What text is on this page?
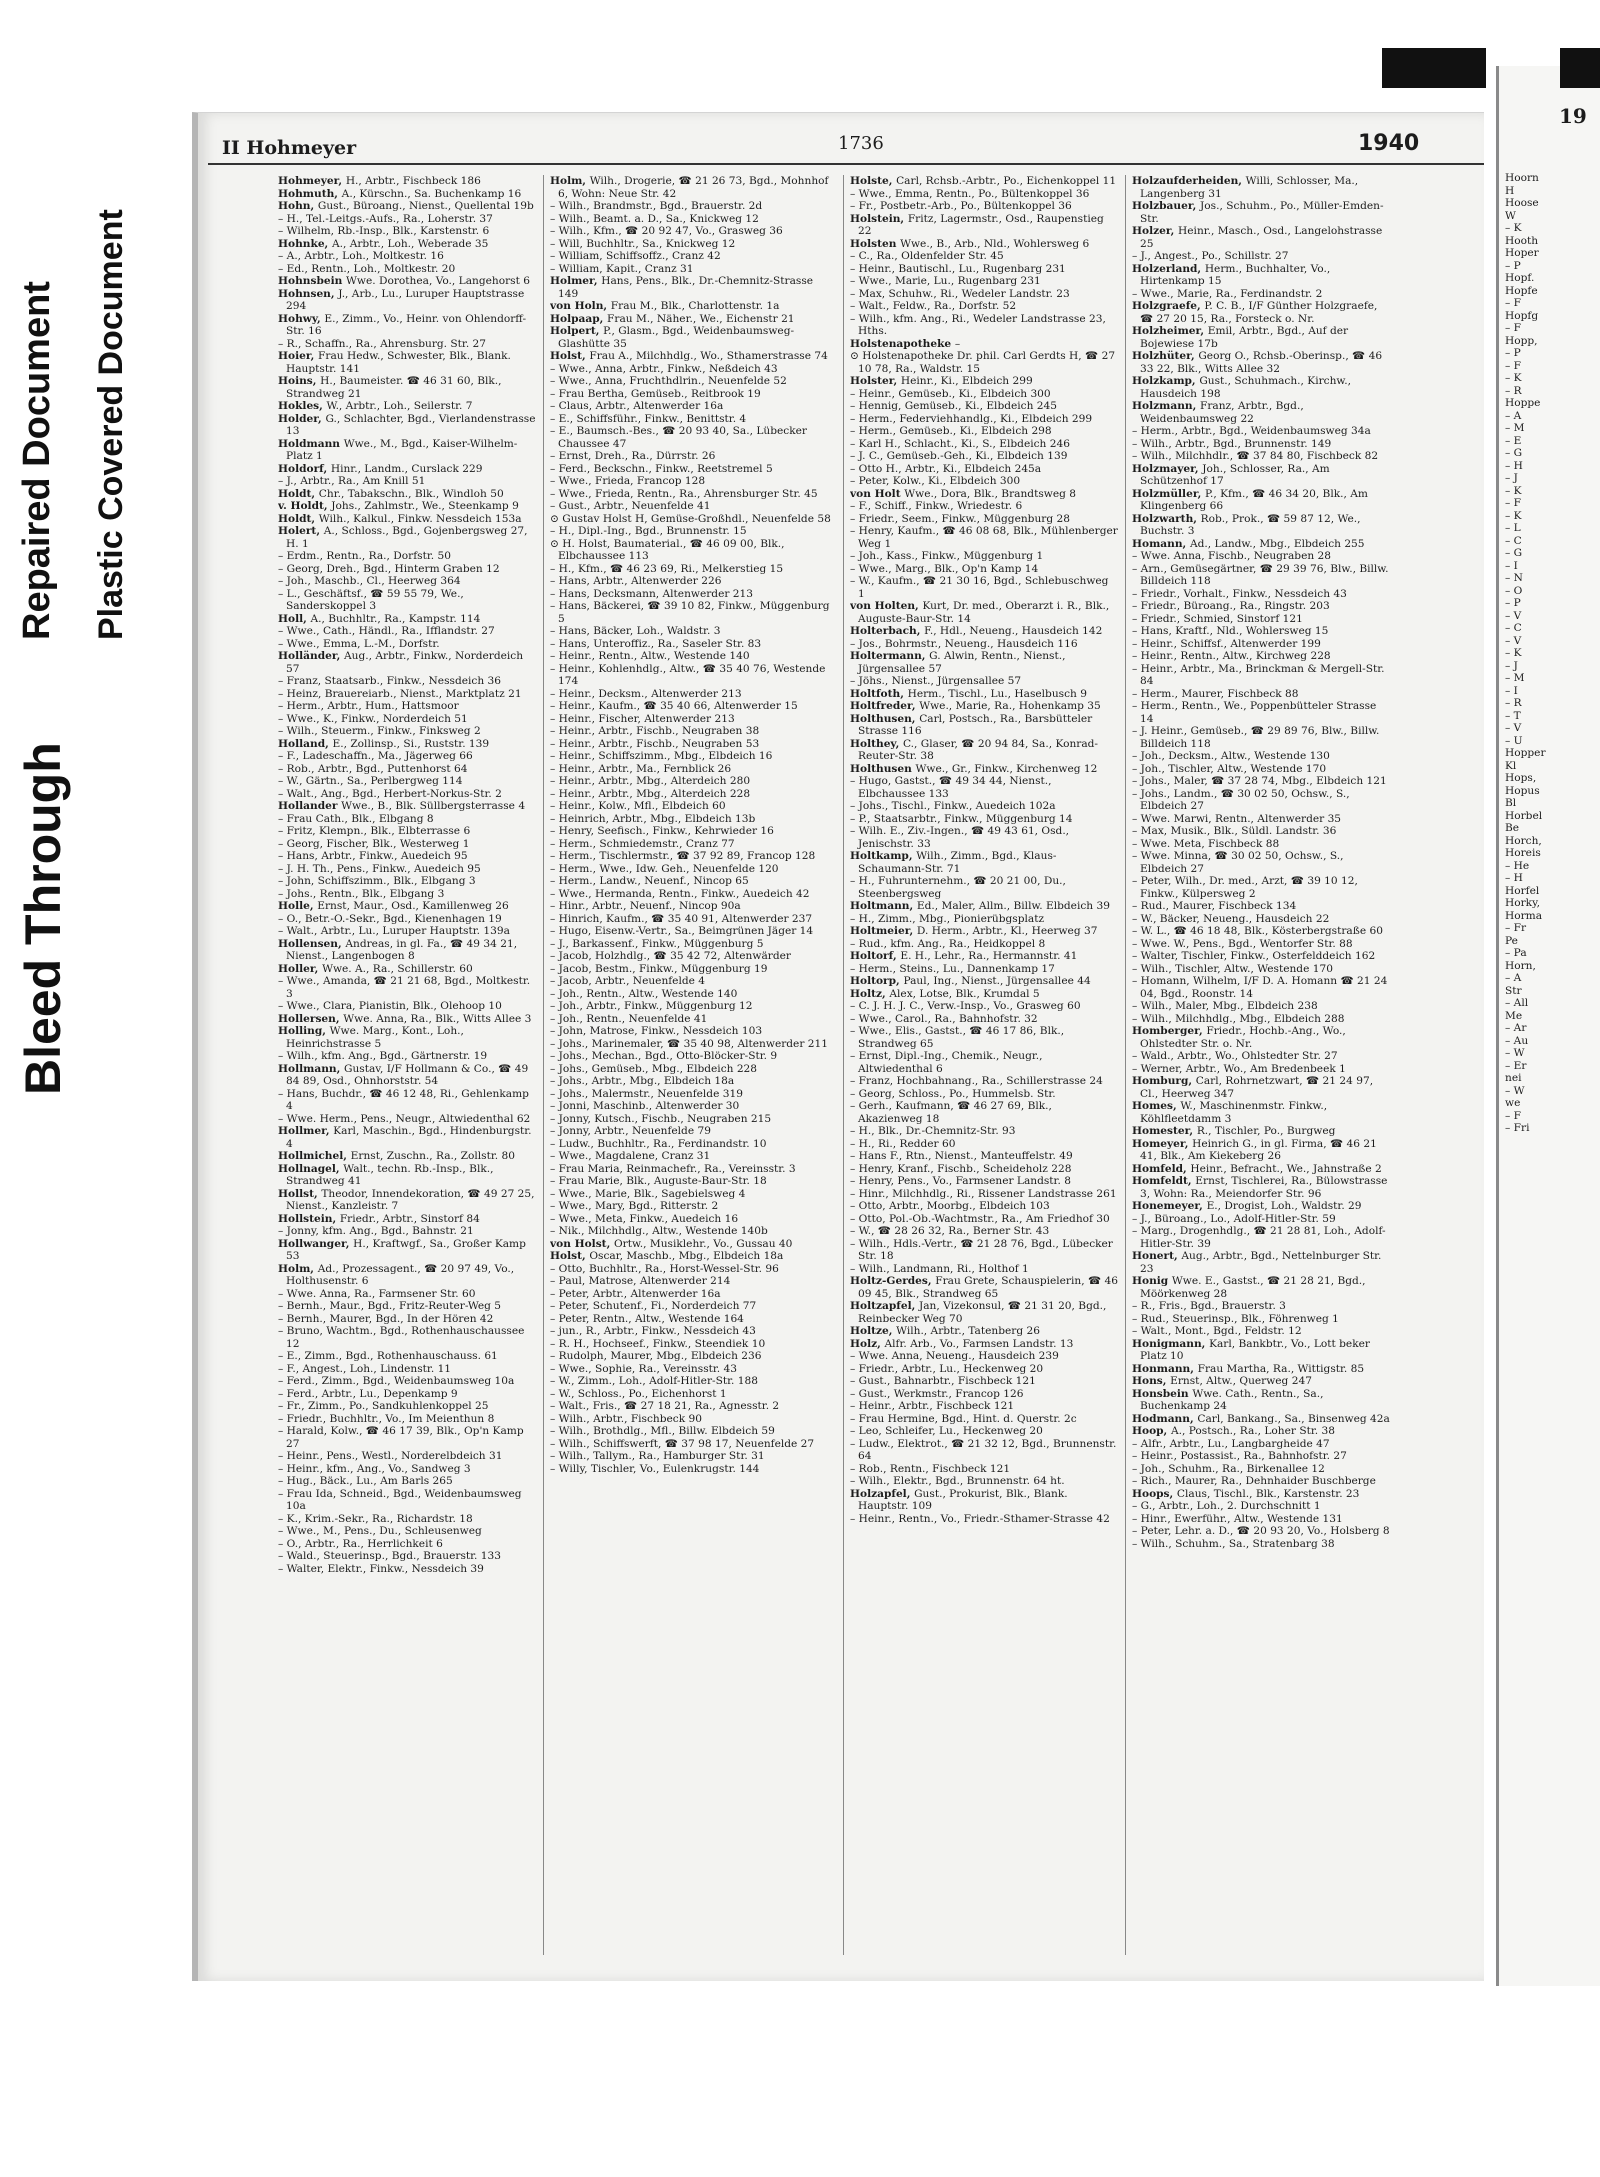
Bleed Through
Repaired Document Plastic Covered Document
II Hohmeyer	1736	1940

Hohmeyer, H., Arbtr., Fischbeck 186

Hohmuth, A., Kürschn., Sa. Buchenkamp 16

Hohn, Gust., Büroang., Nienst., Quellental 19b

– H., Tel.-Leitgs.-Aufs., Ra., Loherstr. 37

– Wilhelm, Rb.-Insp., Blk., Karstenstr. 6

Hohnke, A., Arbtr., Loh., Weberade 35

– A., Arbtr., Loh., Moltkestr. 16

– Ed., Rentn., Loh., Moltkestr. 20

Hohnsbein Wwe. Dorothea, Vo., Langehorst 6

Hohnsen, J., Arb., Lu., Luruper Hauptstrasse 294

Hohwy, E., Zimm., Vo., Heinr. von Ohlendorff-Str. 16

– R., Schaffn., Ra., Ahrensburg. Str. 27

Hoier, Frau Hedw., Schwester, Blk., Blank. Hauptstr. 141

Hoins, H., Baumeister. ☎ 46 31 60, Blk., Strandweg 21

Hokles, W., Arbtr., Loh., Seilerstr. 7

Holder, G., Schlachter, Bgd., Vierlandenstrasse 13

Holdmann Wwe., M., Bgd., Kaiser-Wilhelm-Platz 1

Holdorf, Hinr., Landm., Curslack 229

– J., Arbtr., Ra., Am Knill 51

Holdt, Chr., Tabakschn., Blk., Windloh 50

v. Holdt, Johs., Zahlmstr., We., Steenkamp 9

Holdt, Wilh., Kalkul., Finkw. Nessdeich 153a

Holert, A., Schloss., Bgd., Gojenbergsweg 27, H. 1

– Erdm., Rentn., Ra., Dorfstr. 50

– Georg, Dreh., Bgd., Hinterm Graben 12

– Joh., Maschb., Cl., Heerweg 364

– L., Geschäftsf., ☎ 59 55 79, We., Sanderskoppel 3

Holl, A., Buchhltr., Ra., Kampstr. 114

– Wwe., Cath., Händl., Ra., Ifflandstr. 27

– Wwe., Emma, L.-M., Dorfstr.

Holländer, Aug., Arbtr., Finkw., Norderdeich 57

– Franz, Staatsarb., Finkw., Nessdeich 36

– Heinz, Brauereiarb., Nienst., Marktplatz 21

– Herm., Arbtr., Hum., Hattsmoor

– Wwe., K., Finkw., Norderdeich 51

– Wilh., Steuerm., Finkw., Finksweg 2

Holland, E., Zollinsp., Si., Ruststr. 139

– F., Ladeschaffn., Ma., Jägerweg 66

– Rob., Arbtr., Bgd., Puttenhorst 64

– W., Gärtn., Sa., Perlbergweg 114

– Walt., Ang., Bgd., Herbert-Norkus-Str. 2

Hollander Wwe., B., Blk. Süllbergsterrasse 4

– Frau Cath., Blk., Elbgang 8

– Fritz, Klempn., Blk., Elbterrasse 6

– Georg, Fischer, Blk., Westerweg 1

– Hans, Arbtr., Finkw., Auedeich 95

– J. H. Th., Pens., Finkw., Auedeich 95

– John, Schiffszimm., Blk., Elbgang 3

– Johs., Rentn., Blk., Elbgang 3

Holle, Ernst, Maur., Osd., Kamillenweg 26

– O., Betr.-O.-Sekr., Bgd., Kienenhagen 19

– Walt., Arbtr., Lu., Luruper Hauptstr. 139a

Hollensen, Andreas, in gl. Fa., ☎ 49 34 21, Nienst., Langenbogen 8

Holler, Wwe. A., Ra., Schillerstr. 60

– Wwe., Amanda, ☎ 21 21 68, Bgd., Moltkestr. 3

– Wwe., Clara, Pianistin, Blk., Olehoop 10

Hollersen, Wwe. Anna, Ra., Blk., Witts Allee 3

Holling, Wwe. Marg., Kont., Loh., Heinrichstrasse 5

– Wilh., kfm. Ang., Bgd., Gärtnerstr. 19

Hollmann, Gustav, I/F Hollmann & Co., ☎ 49 84 89, Osd., Ohnhorststr. 54

– Hans, Buchdr., ☎ 46 12 48, Ri., Gehlenkamp 4

– Wwe. Herm., Pens., Neugr., Altwiedenthal 62

Hollmer, Karl, Maschin., Bgd., Hindenburgstr. 4

Hollmichel, Ernst, Zuschn., Ra., Zollstr. 80

Hollnagel, Walt., techn. Rb.-Insp., Blk., Strandweg 41

Hollst, Theodor, Innendekoration, ☎ 49 27 25, Nienst., Kanzleistr. 7

Hollstein, Friedr., Arbtr., Sinstorf 84

– Jonny, kfm. Ang., Bgd., Bahnstr. 21

Hollwanger, H., Kraftwgf., Sa., Großer Kamp 53

Holm, Ad., Prozessagent., ☎ 20 97 49, Vo., Holthusenstr. 6

– Wwe. Anna, Ra., Farmsener Str. 60

– Bernh., Maur., Bgd., Fritz-Reuter-Weg 5

– Bernh., Maurer, Bgd., In der Hören 42

– Bruno, Wachtm., Bgd., Rothenhauschaussee 12

– E., Zimm., Bgd., Rothenhauschauss. 61

– F., Angest., Loh., Lindenstr. 11

– Ferd., Zimm., Bgd., Weidenbaumsweg 10a

– Ferd., Arbtr., Lu., Depenkamp 9

– Fr., Zimm., Po., Sandkuhlenkoppel 25

– Friedr., Buchhltr., Vo., Im Meienthun 8

– Harald, Kolw., ☎ 46 17 39, Blk., Op'n Kamp 27

– Heinr., Pens., Westl., Norderelbdeich 31

– Heinr., kfm., Ang., Vo., Sandweg 3

– Hug., Bäck., Lu., Am Barls 265

– Frau Ida, Schneid., Bgd., Weidenbaumsweg 10a

– K., Krim.-Sekr., Ra., Richardstr. 18

– Wwe., M., Pens., Du., Schleusenweg

– O., Arbtr., Ra., Herrlichkeit 6

– Wald., Steuerinsp., Bgd., Brauerstr. 133

– Walter, Elektr., Finkw., Nessdeich 39

Holm, Wilh., Drogerie, ☎ 21 26 73, Bgd., Mohnhof 6, Wohn: Neue Str. 42

– Wilh., Brandmstr., Bgd., Brauerstr. 2d

– Wilh., Beamt. a. D., Sa., Knickweg 12

– Wilh., Kfm., ☎ 20 92 47, Vo., Grasweg 36

– Will, Buchhltr., Sa., Knickweg 12

– William, Schiffsoffz., Cranz 42

– William, Kapit., Cranz 31

Holmer, Hans, Pens., Blk., Dr.-Chemnitz-Strasse 149

von Holn, Frau M., Blk., Charlottenstr. 1a

Holpaap, Frau M., Näher., We., Eichenstr 21

Holpert, P., Glasm., Bgd., Weidenbaumsweg-Glashütte 35

Holst, Frau A., Milchhdlg., Wo., Sthamerstrasse 74

– Wwe., Anna, Arbtr., Finkw., Neßdeich 43

– Wwe., Anna, Fruchthdlrin., Neuenfelde 52

– Frau Bertha, Gemüseb., Reitbrook 19

– Claus, Arbtr., Altenwerder 16a

– E., Schiffsführ., Finkw., Benittstr. 4

– E., Baumsch.-Bes., ☎ 20 93 40, Sa., Lübecker Chaussee 47

– Ernst, Dreh., Ra., Dürrstr. 26

– Ferd., Beckschn., Finkw., Reetstremel 5

– Wwe., Frieda, Francop 128

– Wwe., Frieda, Rentn., Ra., Ahrensburger Str. 45

– Gust., Arbtr., Neuenfelde 41

⊙ Gustav Holst H, Gemüse-Großhdl., Neuenfelde 58

– H., Dipl.-Ing., Bgd., Brunnenstr. 15

⊙ H. Holst, Baumaterial., ☎ 46 09 00, Blk., Elbchaussee 113

– H., Kfm., ☎ 46 23 69, Ri., Melkerstieg 15

– Hans, Arbtr., Altenwerder 226

– Hans, Decksmann, Altenwerder 213

– Hans, Bäckerei, ☎ 39 10 82, Finkw., Müggenburg 5

– Hans, Bäcker, Loh., Waldstr. 3

– Hans, Unteroffiz., Ra., Saseler Str. 83

– Heinr., Rentn., Altw., Westende 140

– Heinr., Kohlenhdlg., Altw., ☎ 35 40 76, Westende 174

– Heinr., Decksm., Altenwerder 213

– Heinr., Kaufm., ☎ 35 40 66, Altenwerder 15

– Heinr., Fischer, Altenwerder 213

– Heinr., Arbtr., Fischb., Neugraben 38

– Heinr., Arbtr., Fischb., Neugraben 53

– Heinr., Schiffszimm., Mbg., Elbdeich 16

– Heinr., Arbtr., Ma., Fernblick 26

– Heinr., Arbtr., Mbg., Alterdeich 280

– Heinr., Arbtr., Mbg., Alterdeich 228

– Heinr., Kolw., Mfl., Elbdeich 60

– Heinrich, Arbtr., Mbg., Elbdeich 13b

– Henry, Seefisch., Finkw., Kehrwieder 16

– Herm., Schmiedemstr., Cranz 77

– Herm., Tischlermstr., ☎ 37 92 89, Francop 128

– Herm., Wwe., Idw. Geh., Neuenfelde 120

– Herm., Landw., Neuenf., Nincop 65

– Wwe., Hermanda, Rentn., Finkw., Auedeich 42

– Hinr., Arbtr., Neuenf., Nincop 90a

– Hinrich, Kaufm., ☎ 35 40 91, Altenwerder 237

– Hugo, Eisenw.-Vertr., Sa., Beimgrünen Jäger 14

– J., Barkassenf., Finkw., Müggenburg 5

– Jacob, Holzhdlg., ☎ 35 42 72, Altenwärder

– Jacob, Bestm., Finkw., Müggenburg 19

– Jacob, Arbtr., Neuenfelde 4

– Joh., Rentn., Altw., Westende 140

– Joh., Arbtr., Finkw., Müggenburg 12

– Joh., Rentn., Neuenfelde 41

– John, Matrose, Finkw., Nessdeich 103

– Johs., Marinemaler, ☎ 35 40 98, Altenwerder 211

– Johs., Mechan., Bgd., Otto-Blöcker-Str. 9

– Johs., Gemüseb., Mbg., Elbdeich 228

– Johs., Arbtr., Mbg., Elbdeich 18a

– Johs., Malermstr., Neuenfelde 319

– Jonni, Maschinb., Altenwerder 30

– Jonny, Kutsch., Fischb., Neugraben 215

– Jonny, Arbtr., Neuenfelde 79

– Ludw., Buchhltr., Ra., Ferdinandstr. 10

– Wwe., Magdalene, Cranz 31

– Frau Maria, Reinmachefr., Ra., Vereinsstr. 3

– Frau Marie, Blk., Auguste-Baur-Str. 18

– Wwe., Marie, Blk., Sagebielsweg 4

– Wwe., Mary, Bgd., Ritterstr. 2

– Wwe., Meta, Finkw., Auedeich 16

– Nik., Milchhdlg., Altw., Westende 140b

von Holst, Ortw., Musiklehr., Vo., Gussau 40

Holst, Oscar, Maschb., Mbg., Elbdeich 18a

– Otto, Buchhltr., Ra., Horst-Wessel-Str. 96

– Paul, Matrose, Altenwerder 214

– Peter, Arbtr., Altenwerder 16a

– Peter, Schutenf., Fi., Norderdeich 77

– Peter, Rentn., Altw., Westende 164

– jun., R., Arbtr., Finkw., Nessdeich 43

– R. H., Hochseef., Finkw., Steendiek 10

– Rudolph, Maurer, Mbg., Elbdeich 236

– Wwe., Sophie, Ra., Vereinsstr. 43

– W., Zimm., Loh., Adolf-Hitler-Str. 188

– W., Schloss., Po., Eichenhorst 1

– Walt., Fris., ☎ 27 18 21, Ra., Agnesstr. 2

– Wilh., Arbtr., Fischbeck 90

– Wilh., Brothdlg., Mfl., Billw. Elbdeich 59

– Wilh., Schiffswerft, ☎ 37 98 17, Neuenfelde 27

– Wilh., Tallym., Ra., Hamburger Str. 31

– Willy, Tischler, Vo., Eulenkrugstr. 144

Holste, Carl, Rchsb.-Arbtr., Po., Eichenkoppel 11

– Wwe., Emma, Rentn., Po., Bültenkoppel 36

– Fr., Postbetr.-Arb., Po., Bültenkoppel 36

Holstein, Fritz, Lagermstr., Osd., Raupenstieg 22

Holsten Wwe., B., Arb., Nld., Wohlersweg 6

– C., Ra., Oldenfelder Str. 45

– Heinr., Bautischl., Lu., Rugenbarg 231

– Wwe., Marie, Lu., Rugenbarg 231

– Max, Schuhw., Ri., Wedeler Landstr. 23

– Walt., Feldw., Ra., Dorfstr. 52

– Wilh., kfm. Ang., Ri., Wedeler Landstrasse 23, Hths.

Holstenapotheke –

⊙ Holstenapotheke Dr. phil. Carl Gerdts H, ☎ 27 10 78, Ra., Waldstr. 15

Holster, Heinr., Ki., Elbdeich 299

– Heinr., Gemüseb., Ki., Elbdeich 300

– Hennig, Gemüseb., Ki., Elbdeich 245

– Herm., Federviehhandlg., Ki., Elbdeich 299

– Herm., Gemüseb., Ki., Elbdeich 298

– Karl H., Schlacht., Ki., S., Elbdeich 246

– J. C., Gemüseb.-Geh., Ki., Elbdeich 139

– Otto H., Arbtr., Ki., Elbdeich 245a

– Peter, Kolw., Ki., Elbdeich 300

von Holt Wwe., Dora, Blk., Brandtsweg 8

– F., Schiff., Finkw., Wriedestr. 6

– Friedr., Seem., Finkw., Müggenburg 28

– Henry, Kaufm., ☎ 46 08 68, Blk., Mühlenberger Weg 1

– Joh., Kass., Finkw., Müggenburg 1

– Wwe., Marg., Blk., Op'n Kamp 14

– W., Kaufm., ☎ 21 30 16, Bgd., Schlebuschweg 1

von Holten, Kurt, Dr. med., Oberarzt i. R., Blk., Auguste-Baur-Str. 14

Holterbach, F., Hdl., Neueng., Hausdeich 142

– Jos., Bohrmstr., Neueng., Hausdeich 116

Holtermann, G. Alwin, Rentn., Nienst., Jürgensallee 57

– Jöhs., Nienst., Jürgensallee 57

Holtfoth, Herm., Tischl., Lu., Haselbusch 9

Holtfreder, Wwe., Marie, Ra., Hohenkamp 35

Holthusen, Carl, Postsch., Ra., Barsbütteler Strasse 116

Holthey, C., Glaser, ☎ 20 94 84, Sa., Konrad-Reuter-Str. 38

Holthusen Wwe., Gr., Finkw., Kirchenweg 12

– Hugo, Gastst., ☎ 49 34 44, Nienst., Elbchaussee 133

– Johs., Tischl., Finkw., Auedeich 102a

– P., Staatsarbtr., Finkw., Müggenburg 14

– Wilh. E., Ziv.-Ingen., ☎ 49 43 61, Osd., Jenischstr. 33

Holtkamp, Wilh., Zimm., Bgd., Klaus-Schaumann-Str. 71

– H., Fuhrunternehm., ☎ 20 21 00, Du., Steenbergsweg

Holtmann, Ed., Maler, Allm., Billw. Elbdeich 39

– H., Zimm., Mbg., Pionierübgsplatz

Holtmeier, D. Herm., Arbtr., Kl., Heerweg 37

– Rud., kfm. Ang., Ra., Heidkoppel 8

Holtorf, E. H., Lehr., Ra., Hermannstr. 41

– Herm., Steins., Lu., Dannenkamp 17

Holtorp, Paul, Ing., Nienst., Jürgensallee 44

Holtz, Alex, Lotse, Blk., Krumdal 5

– C. J. H. J. C., Verw.-Insp., Vo., Grasweg 60

– Wwe., Carol., Ra., Bahnhofstr. 32

– Wwe., Elis., Gastst., ☎ 46 17 86, Blk., Strandweg 65

– Ernst, Dipl.-Ing., Chemik., Neugr., Altwiedenthal 6

– Franz, Hochbahnang., Ra., Schillerstrasse 24

– Georg, Schloss., Po., Hummelsb. Str.

– Gerh., Kaufmann, ☎ 46 27 69, Blk., Akazienweg 18

– H., Blk., Dr.-Chemnitz-Str. 93

– H., Ri., Redder 60

– Hans F., Rtn., Nienst., Manteuffelstr. 49

– Henry, Kranf., Fischb., Scheideholz 228

– Henry, Pens., Vo., Farmsener Landstr. 8

– Hinr., Milchhdlg., Ri., Rissener Landstrasse 261

– Otto, Arbtr., Moorbg., Elbdeich 103

– Otto, Pol.-Ob.-Wachtmstr., Ra., Am Friedhof 30

– W., ☎ 28 26 32, Ra., Berner Str. 43

– Wilh., Hdls.-Vertr., ☎ 21 28 76, Bgd., Lübecker Str. 18

– Wilh., Landmann, Ri., Holthof 1

Holtz-Gerdes, Frau Grete, Schauspielerin, ☎ 46 09 45, Blk., Strandweg 65

Holtzapfel, Jan, Vizekonsul, ☎ 21 31 20, Bgd., Reinbecker Weg 70

Holtze, Wilh., Arbtr., Tatenberg 26

Holz, Alfr. Arb., Vo., Farmsen Landstr. 13

– Wwe. Anna, Neueng., Hausdeich 239

– Friedr., Arbtr., Lu., Heckenweg 20

– Gust., Bahnarbtr., Fischbeck 121

– Gust., Werkmstr., Francop 126

– Heinr., Arbtr., Fischbeck 121

– Frau Hermine, Bgd., Hint. d. Querstr. 2c

– Leo, Schleifer, Lu., Heckenweg 20

– Ludw., Elektrot., ☎ 21 32 12, Bgd., Brunnenstr. 64

– Rob., Rentn., Fischbeck 121

– Wilh., Elektr., Bgd., Brunnenstr. 64 ht.

Holzapfel, Gust., Prokurist, Blk., Blank. Hauptstr. 109

– Heinr., Rentn., Vo., Friedr.-Sthamer-Strasse 42

Holzaufderheiden, Willi, Schlosser, Ma., Langenberg 31

Holzbauer, Jos., Schuhm., Po., Müller-Emden-Str.

Holzer, Heinr., Masch., Osd., Langelohstrasse 25

– J., Angest., Po., Schillstr. 27

Holzerland, Herm., Buchhalter, Vo., Hirtenkamp 15

– Wwe., Marie, Ra., Ferdinandstr. 2

Holzgraefe, P. C. B., I/F Günther Holzgraefe, ☎ 27 20 15, Ra., Forsteck o. Nr.

Holzheimer, Emil, Arbtr., Bgd., Auf der Bojewiese 17b

Holzhüter, Georg O., Rchsb.-Oberinsp., ☎ 46 33 22, Blk., Witts Allee 32

Holzkamp, Gust., Schuhmach., Kirchw., Hausdeich 198

Holzmann, Franz, Arbtr., Bgd., Weidenbaumsweg 22

– Herm., Arbtr., Bgd., Weidenbaumsweg 34a

– Wilh., Arbtr., Bgd., Brunnenstr. 149

– Wilh., Milchhdlr., ☎ 37 84 80, Fischbeck 82

Holzmayer, Joh., Schlosser, Ra., Am Schützenhof 17

Holzmüller, P., Kfm., ☎ 46 34 20, Blk., Am Klingenberg 66

Holzwarth, Rob., Prok., ☎ 59 87 12, We., Buchstr. 3

Homann, Ad., Landw., Mbg., Elbdeich 255

– Wwe. Anna, Fischb., Neugraben 28

– Arn., Gemüsegärtner, ☎ 29 39 76, Blw., Billw. Billdeich 118

– Friedr., Vorhalt., Finkw., Nessdeich 43

– Friedr., Büroang., Ra., Ringstr. 203

– Friedr., Schmied, Sinstorf 121

– Hans, Kraftf., Nld., Wohlersweg 15

– Heinr., Schiffsf., Altenwerder 199

– Heinr., Rentn., Altw., Kirchweg 228

– Heinr., Arbtr., Ma., Brinckman & Mergell-Str. 84

– Herm., Maurer, Fischbeck 88

– Herm., Rentn., We., Poppenbütteler Strasse 14

– J. Heinr., Gemüseb., ☎ 29 89 76, Blw., Billw. Billdeich 118

– Joh., Decksm., Altw., Westende 130

– Joh., Tischler, Altw., Westende 170

– Johs., Maler, ☎ 37 28 74, Mbg., Elbdeich 121

– Johs., Landm., ☎ 30 02 50, Ochsw., S., Elbdeich 27

– Wwe. Marwi, Rentn., Altenwerder 35

– Max, Musik., Blk., Süldl. Landstr. 36

– Wwe. Meta, Fischbeck 88

– Wwe. Minna, ☎ 30 02 50, Ochsw., S., Elbdeich 27

– Peter, Wilh., Dr. med., Arzt, ☎ 39 10 12, Finkw., Külpersweg 2

– Rud., Maurer, Fischbeck 134

– W., Bäcker, Neueng., Hausdeich 22

– W. L., ☎ 46 18 48, Blk., Kösterbergstraße 60

– Wwe. W., Pens., Bgd., Wentorfer Str. 88

– Walter, Tischler, Finkw., Osterfelddeich 162

– Wilh., Tischler, Altw., Westende 170

– Homann, Wilhelm, I/F D. A. Homann ☎ 21 24 04, Bgd., Roonstr. 14

– Wilh., Maler, Mbg., Elbdeich 238

– Wilh., Milchhdlg., Mbg., Elbdeich 288

Homberger, Friedr., Hochb.-Ang., Wo., Ohlstedter Str. o. Nr.

– Wald., Arbtr., Wo., Ohlstedter Str. 27

– Werner, Arbtr., Wo., Am Bredenbeek 1

Homburg, Carl, Rohrnetzwart, ☎ 21 24 97, Cl., Heerweg 347

Homes, W., Maschinenmstr. Finkw., Köhlfleetdamm 3

Homester, R., Tischler, Po., Burgweg

Homeyer, Heinrich G., in gl. Firma, ☎ 46 21 41, Blk., Am Kiekeberg 26

Homfeld, Heinr., Befracht., We., Jahnstraße 2

Homfeldt, Ernst, Tischlerei, Ra., Bülowstrasse 3, Wohn: Ra., Meiendorfer Str. 96

Honemeyer, E., Drogist, Loh., Waldstr. 29

– J., Büroang., Lo., Adolf-Hitler-Str. 59

– Marg., Drogenhdlg., ☎ 21 28 81, Loh., Adolf-Hitler-Str. 39

Honert, Aug., Arbtr., Bgd., Nettelnburger Str. 23

Honig Wwe. E., Gastst., ☎ 21 28 21, Bgd., Möörkenweg 28

– R., Fris., Bgd., Brauerstr. 3

– Rud., Steuerinsp., Blk., Föhrenweg 1

– Walt., Mont., Bgd., Feldstr. 12

Honigmann, Karl, Bankbtr., Vo., Lott beker Platz 10

Honmann, Frau Martha, Ra., Wittigstr. 85

Hons, Ernst, Altw., Querweg 247

Honsbein Wwe. Cath., Rentn., Sa., Buchenkamp 24

Hodmann, Carl, Bankang., Sa., Binsenweg 42a

Hoop, A., Postsch., Ra., Loher Str. 38

– Alfr., Arbtr., Lu., Langbargheide 47

– Heinr., Postassist., Ra., Bahnhofstr. 27

– Joh., Schuhm., Ra., Birkenallee 12

– Rich., Maurer, Ra., Dehnhaider Buschberge

Hoops, Claus, Tischl., Blk., Karstenstr. 23

– G., Arbtr., Loh., 2. Durchschnitt 1

– Hinr., Ewerführ., Altw., Westende 131

– Peter, Lehr. a. D., ☎ 20 93 20, Vo., Holsberg 8

– Wilh., Schuhm., Sa., Stratenbarg 38

19

Hoorn

H

Hoose

W

– K

Hooth

Hoper

– P

Hopf.

Hopfe

– F

Hopfg

– F

Hopp,

– P

– F

– K

– R

Hoppe

– A

– M

– E

– G

– H

– J

– K

– F

– K

– L

– C

– G

– I

– N

– O

– P

– V

– C

– V

– K

– J

– M

– I

– R

– T

– V

– U

Hopper

Kl

Hops,

Hopus

Bl

Horbel

Be

Horch,

Horeis

– He

– H

Horfel

Horky,

Horma

– Fr

Pe

– Pa

Horn,

– A

Str

– All

Me

– Ar

– Au

– W

– Er

nei

– W

we

– F

– Fri
